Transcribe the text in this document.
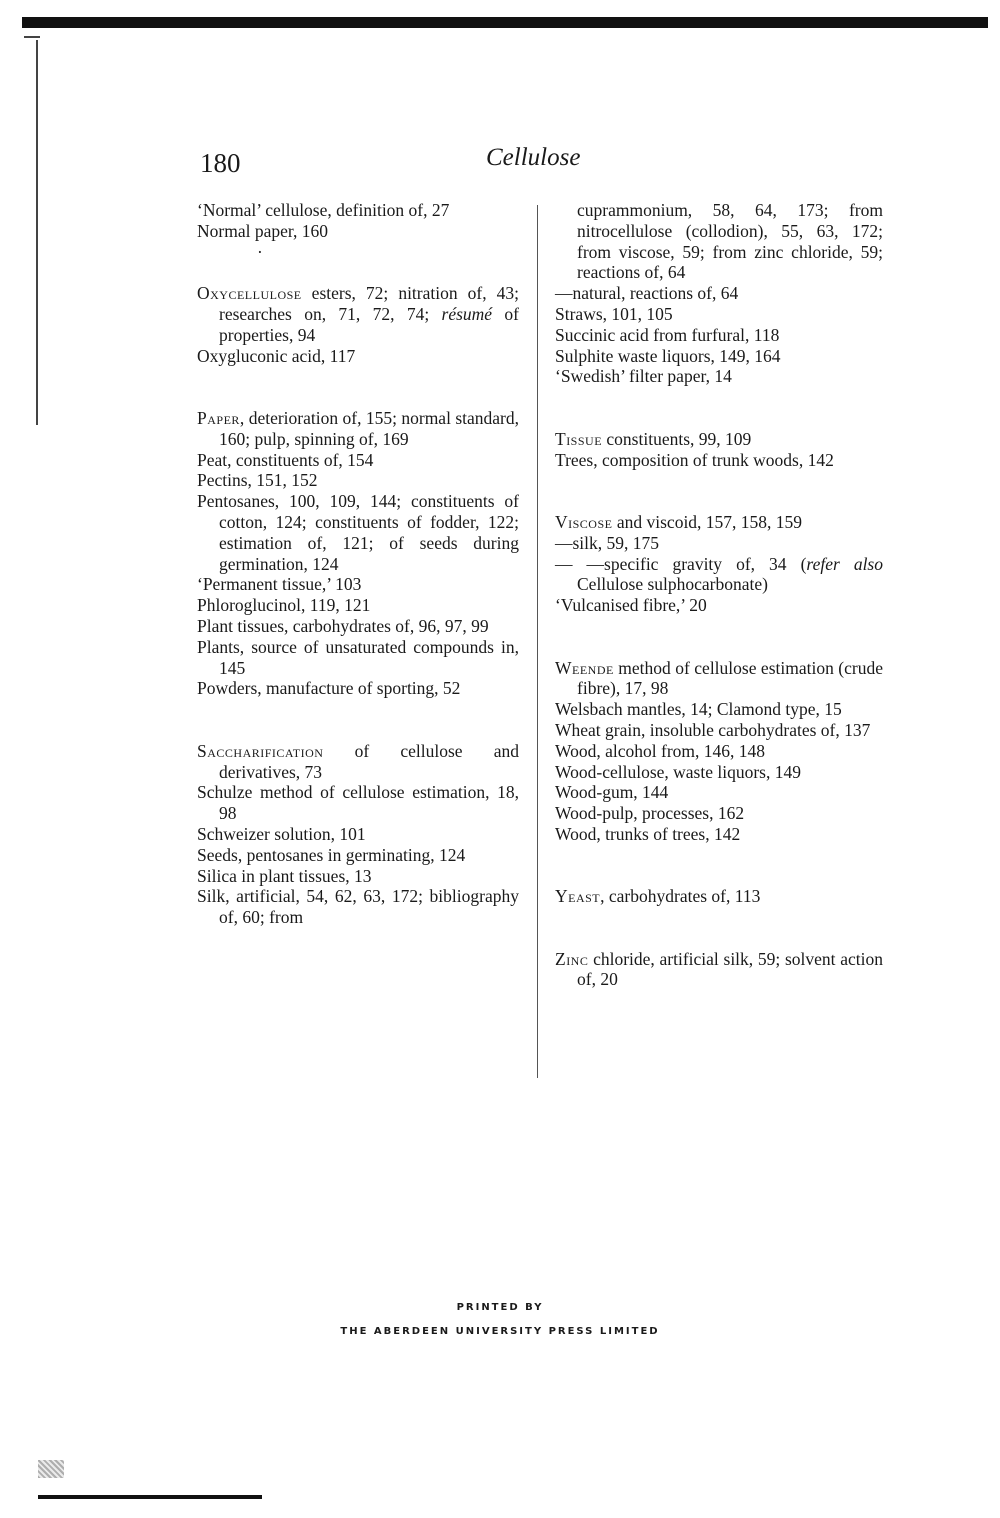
180	Cellulose
‘Normal’ cellulose, definition of, 27
Normal paper, 160
·
Oxycellulose esters, 72; nitration of, 43; researches on, 71, 72, 74; résumé of properties, 94
Oxygluconic acid, 117
Paper, deterioration of, 155; normal standard, 160; pulp, spinning of, 169
Peat, constituents of, 154
Pectins, 151, 152
Pentosanes, 100, 109, 144; constituents of cotton, 124; constituents of fodder, 122; estimation of, 121; of seeds during germination, 124
‘Permanent tissue,’ 103
Phloroglucinol, 119, 121
Plant tissues, carbohydrates of, 96, 97, 99
Plants, source of unsaturated compounds in, 145
Powders, manufacture of sporting, 52
Saccharification of cellulose and derivatives, 73
Schulze method of cellulose estimation, 18, 98
Schweizer solution, 101
Seeds, pentosanes in germinating, 124
Silica in plant tissues, 13
Silk, artificial, 54, 62, 63, 172; bibliography of, 60; from
cuprammonium, 58, 64, 173; from nitrocellulose (collodion), 55, 63, 172; from viscose, 59; from zinc chloride, 59; reactions of, 64
—natural, reactions of, 64
Straws, 101, 105
Succinic acid from furfural, 118
Sulphite waste liquors, 149, 164
‘Swedish’ filter paper, 14
Tissue constituents, 99, 109
Trees, composition of trunk woods, 142
Viscose and viscoid, 157, 158, 159
—silk, 59, 175
— —specific gravity of, 34 (refer also Cellulose sulphocarbonate)
‘Vulcanised fibre,’ 20
Weende method of cellulose estimation (crude fibre), 17, 98
Welsbach mantles, 14; Clamond type, 15
Wheat grain, insoluble carbohydrates of, 137
Wood, alcohol from, 146, 148
Wood-cellulose, waste liquors, 149
Wood-gum, 144
Wood-pulp, processes, 162
Wood, trunks of trees, 142
Yeast, carbohydrates of, 113
Zinc chloride, artificial silk, 59; solvent action of, 20
PRINTED BY
THE ABERDEEN UNIVERSITY PRESS LIMITED
